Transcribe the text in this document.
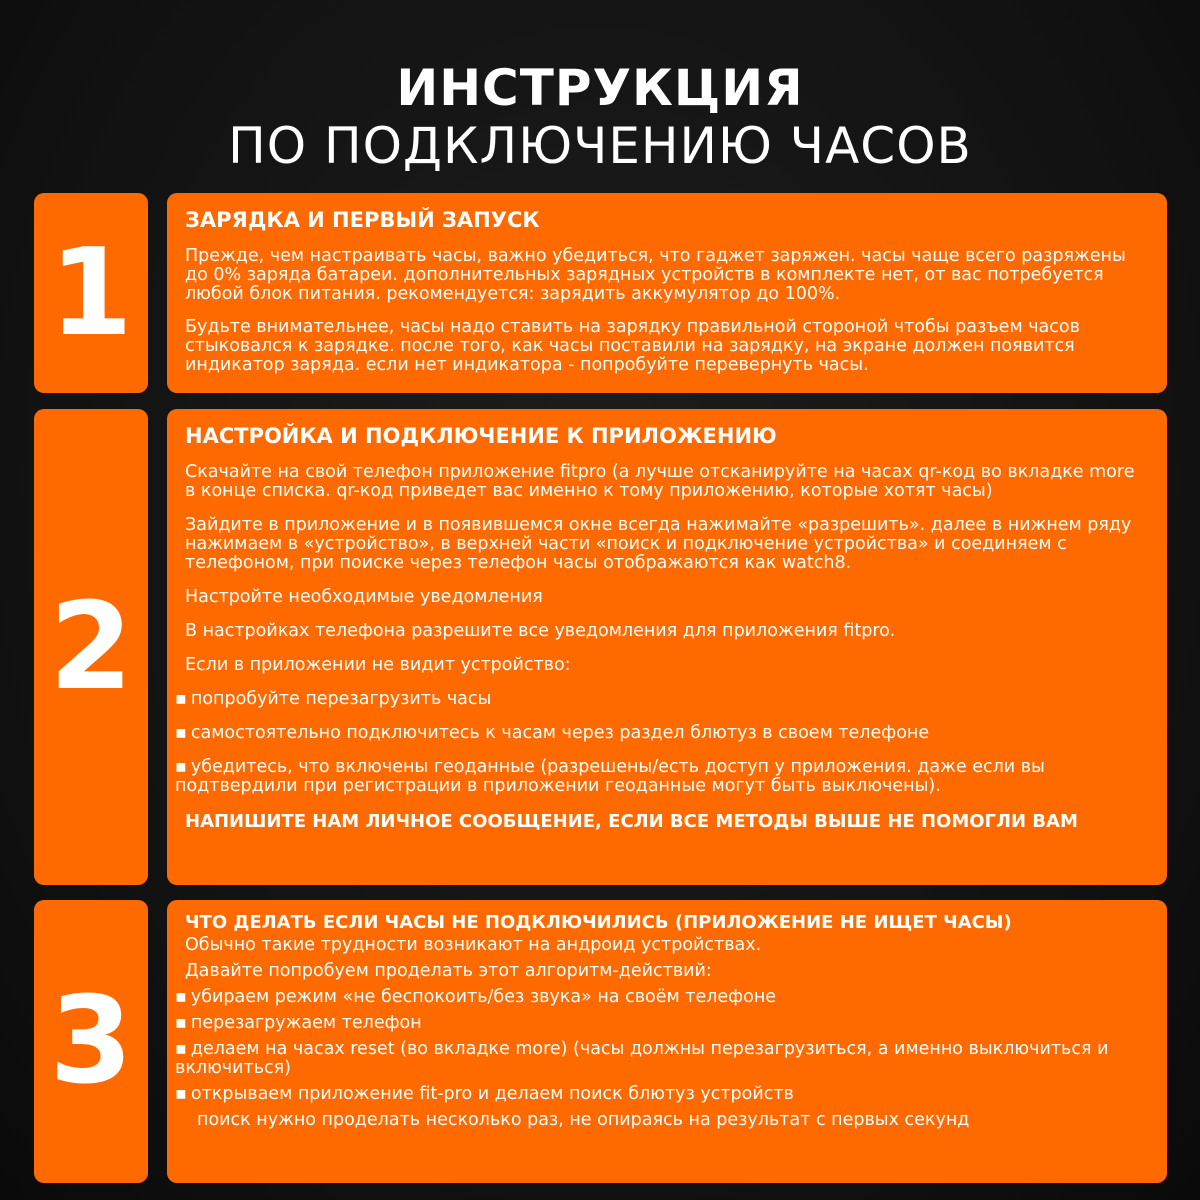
ИНСТРУКЦИЯ
ПО ПОДКЛЮЧЕНИЮ ЧАСОВ
1
ЗАРЯДКА И ПЕРВЫЙ ЗАПУСК

Прежде, чем настраивать часы, важно убедиться, что гаджет заряжен. часы чаще всего разряжены до 0% заряда батареи. дополнительных зарядных устройств в комплекте нет, от вас потребуется любой блок питания. рекомендуется: зарядить аккумулятор до 100%.

Будьте внимательнее, часы надо ставить на зарядку правильной стороной чтобы разъем часов стыковался к зарядке. после того, как часы поставили на зарядку, на экране должен появится индикатор заряда. если нет индикатора - попробуйте перевернуть часы.

2
НАСТРОЙКА И ПОДКЛЮЧЕНИЕ К ПРИЛОЖЕНИЮ

Скачайте на свой телефон приложение fitpro (а лучше отсканируйте на часах qr-код во вкладке more в конце списка. qr-код приведет вас именно к тому приложению, которые хотят часы)

Зайдите в приложение и в появившемся окне всегда нажимайте «разрешить». далее в нижнем ряду нажимаем в «устройство», в верхней части «поиск и подключение устройства» и соединяем с телефоном, при поиске через телефон часы отображаются как watch8.

Настройте необходимые уведомления

В настройках телефона разрешите все уведомления для приложения fitpro.

Если в приложении не видит устройство:

▪ попробуйте перезагрузить часы

▪ самостоятельно подключитесь к часам через раздел блютуз в своем телефоне

▪ убедитесь, что включены геоданные (разрешены/есть доступ у приложения. даже если вы подтвердили при регистрации в приложении геоданные могут быть выключены).

НАПИШИТЕ НАМ ЛИЧНОЕ СООБЩЕНИЕ, ЕСЛИ ВСЕ МЕТОДЫ ВЫШЕ НЕ ПОМОГЛИ ВАМ

3
ЧТО ДЕЛАТЬ ЕСЛИ ЧАСЫ НЕ ПОДКЛЮЧИЛИСЬ (ПРИЛОЖЕНИЕ НЕ ИЩЕТ ЧАСЫ)

Обычно такие трудности возникают на андроид устройствах.

Давайте попробуем проделать этот алгоритм-действий:

▪ убираем режим «не беспокоить/без звука» на своём телефоне

▪ перезагружаем телефон

▪ делаем на часах reset (во вкладке more) (часы должны перезагрузиться, а именно выключиться и включиться)

▪ открываем приложение fit-pro и делаем поиск блютуз устройств

поиск нужно проделать несколько раз, не опираясь на результат с первых секунд
